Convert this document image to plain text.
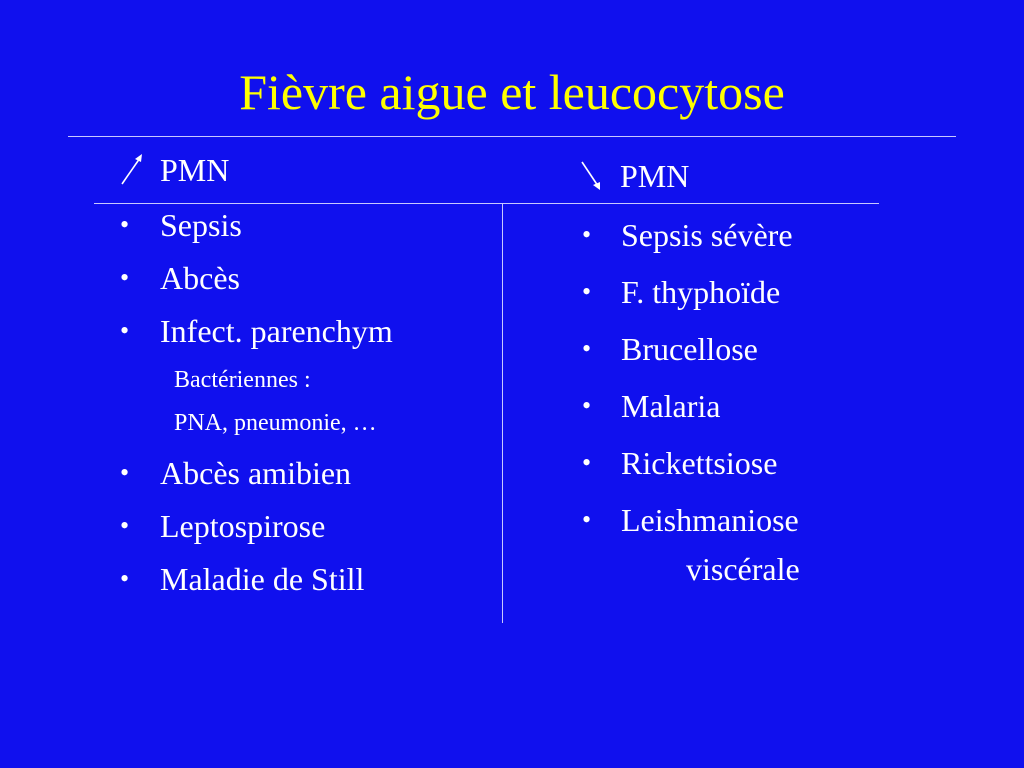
Fièvre aigue et leucocytose
PMN	PMN
• Sepsis
• Abcès
• Infect. parenchym
Bactériennes :
PNA, pneumonie, …
• Abcès amibien
• Leptospirose
• Maladie de Still
• Sepsis sévère
• F. thyphoïde
• Brucellose
• Malaria
• Rickettsiose
• Leishmaniose
viscérale
